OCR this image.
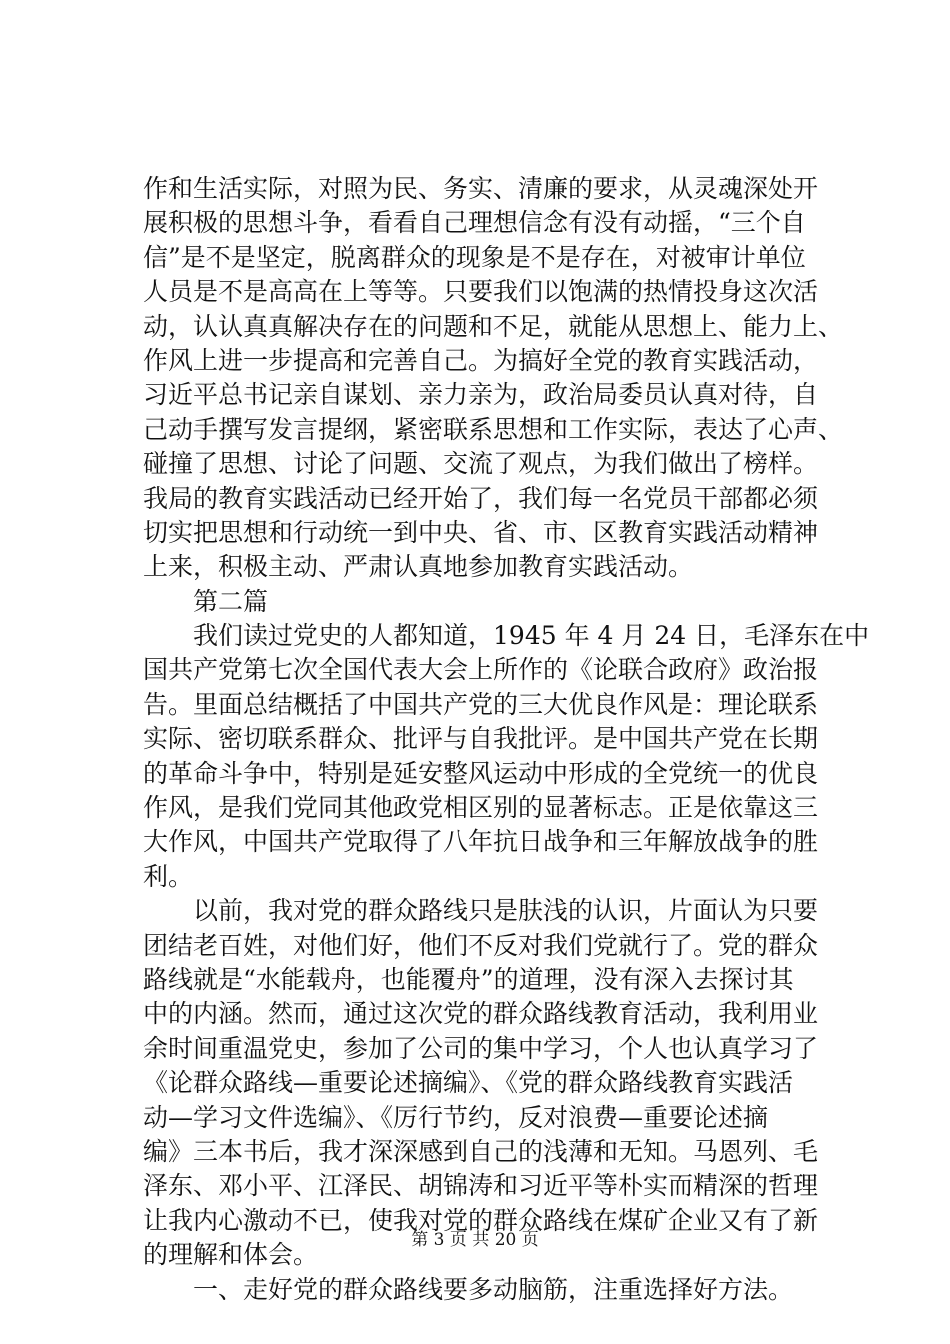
作和生活实际，对照为民、务实、清廉的要求，从灵魂深处开
展积极的思想斗争，看看自己理想信念有没有动摇，“三个自
信”是不是坚定，脱离群众的现象是不是存在，对被审计单位
人员是不是高高在上等等。只要我们以饱满的热情投身这次活
动，认认真真解决存在的问题和不足，就能从思想上、能力上、
作风上进一步提高和完善自己。为搞好全党的教育实践活动，
习近平总书记亲自谋划、亲力亲为，政治局委员认真对待，自
己动手撰写发言提纲，紧密联系思想和工作实际，表达了心声、
碰撞了思想、讨论了问题、交流了观点，为我们做出了榜样。
我局的教育实践活动已经开始了，我们每一名党员干部都必须
切实把思想和行动统一到中央、省、市、区教育实践活动精神
上来，积极主动、严肃认真地参加教育实践活动。
　　第二篇
　　我们读过党史的人都知道，1945 年 4 月 24 日，毛泽东在中
国共产党第七次全国代表大会上所作的《论联合政府》政治报
告。里面总结概括了中国共产党的三大优良作风是：理论联系
实际、密切联系群众、批评与自我批评。是中国共产党在长期
的革命斗争中，特别是延安整风运动中形成的全党统一的优良
作风，是我们党同其他政党相区别的显著标志。正是依靠这三
大作风，中国共产党取得了八年抗日战争和三年解放战争的胜
利。
　　以前，我对党的群众路线只是肤浅的认识，片面认为只要
团结老百姓，对他们好，他们不反对我们党就行了。党的群众
路线就是“水能载舟，也能覆舟”的道理，没有深入去探讨其
中的内涵。然而，通过这次党的群众路线教育活动，我利用业
余时间重温党史，参加了公司的集中学习，个人也认真学习了
《论群众路线—重要论述摘编》、《党的群众路线教育实践活
动—学习文件选编》、《厉行节约，反对浪费—重要论述摘
编》三本书后，我才深深感到自己的浅薄和无知。马恩列、毛
泽东、邓小平、江泽民、胡锦涛和习近平等朴实而精深的哲理
让我内心激动不已，使我对党的群众路线在煤矿企业又有了新
的理解和体会。
　　一、走好党的群众路线要多动脑筋，注重选择好方法。
第 3 页 共 20 页
